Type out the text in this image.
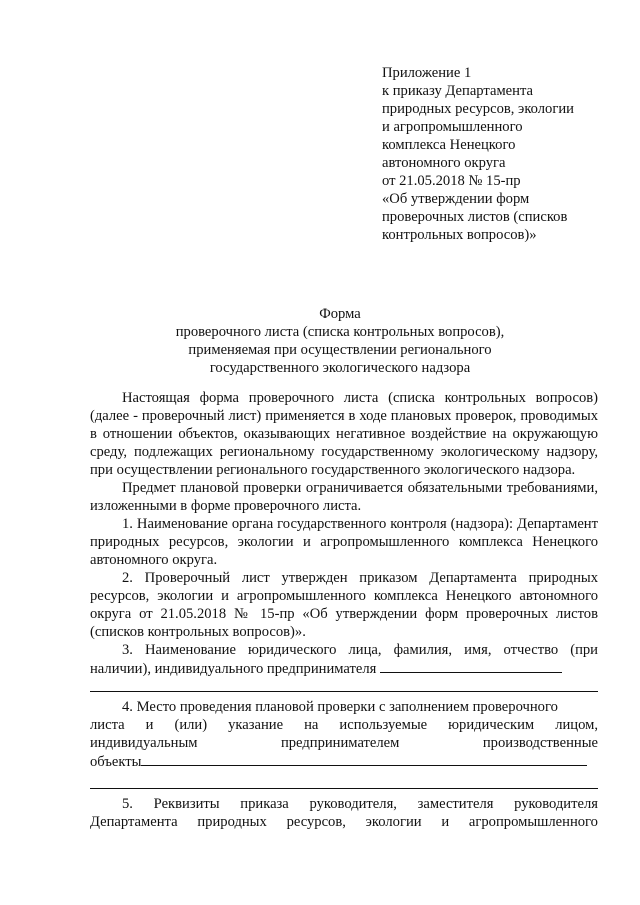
Приложение 1
к приказу Департамента
природных ресурсов, экологии
и агропромышленного
комплекса Ненецкого
автономного округа
от 21.05.2018 № 15-пр
«Об утверждении форм
проверочных листов (списков
контрольных вопросов)»
Форма
проверочного листа (списка контрольных вопросов),
применяемая при осуществлении регионального
государственного экологического надзора
Настоящая форма проверочного листа (списка контрольных вопросов) (далее - проверочный лист) применяется в ходе плановых проверок, проводимых в отношении объектов, оказывающих негативное воздействие на окружающую среду, подлежащих региональному государственному экологическому надзору, при осуществлении регионального государственного экологического надзора.
Предмет плановой проверки ограничивается обязательными требованиями, изложенными в форме проверочного листа.
1. Наименование органа государственного контроля (надзора): Департамент природных ресурсов, экологии и агропромышленного комплекса Ненецкого автономного округа.
2. Проверочный лист утвержден приказом Департамента природных ресурсов, экологии и агропромышленного комплекса Ненецкого автономного округа от 21.05.2018 № 15-пр «Об утверждении форм проверочных листов (списков контрольных вопросов)».
3. Наименование юридического лица, фамилия, имя, отчество (при наличии), индивидуального предпринимателя
4. Место проведения плановой проверки с заполнением проверочного
листа и (или) указание на используемые юридическим лицом,
индивидуальным	предпринимателем	производственные
объекты
5. Реквизиты приказа руководителя, заместителя руководителя
Департамента природных ресурсов, экологии и агропромышленного
